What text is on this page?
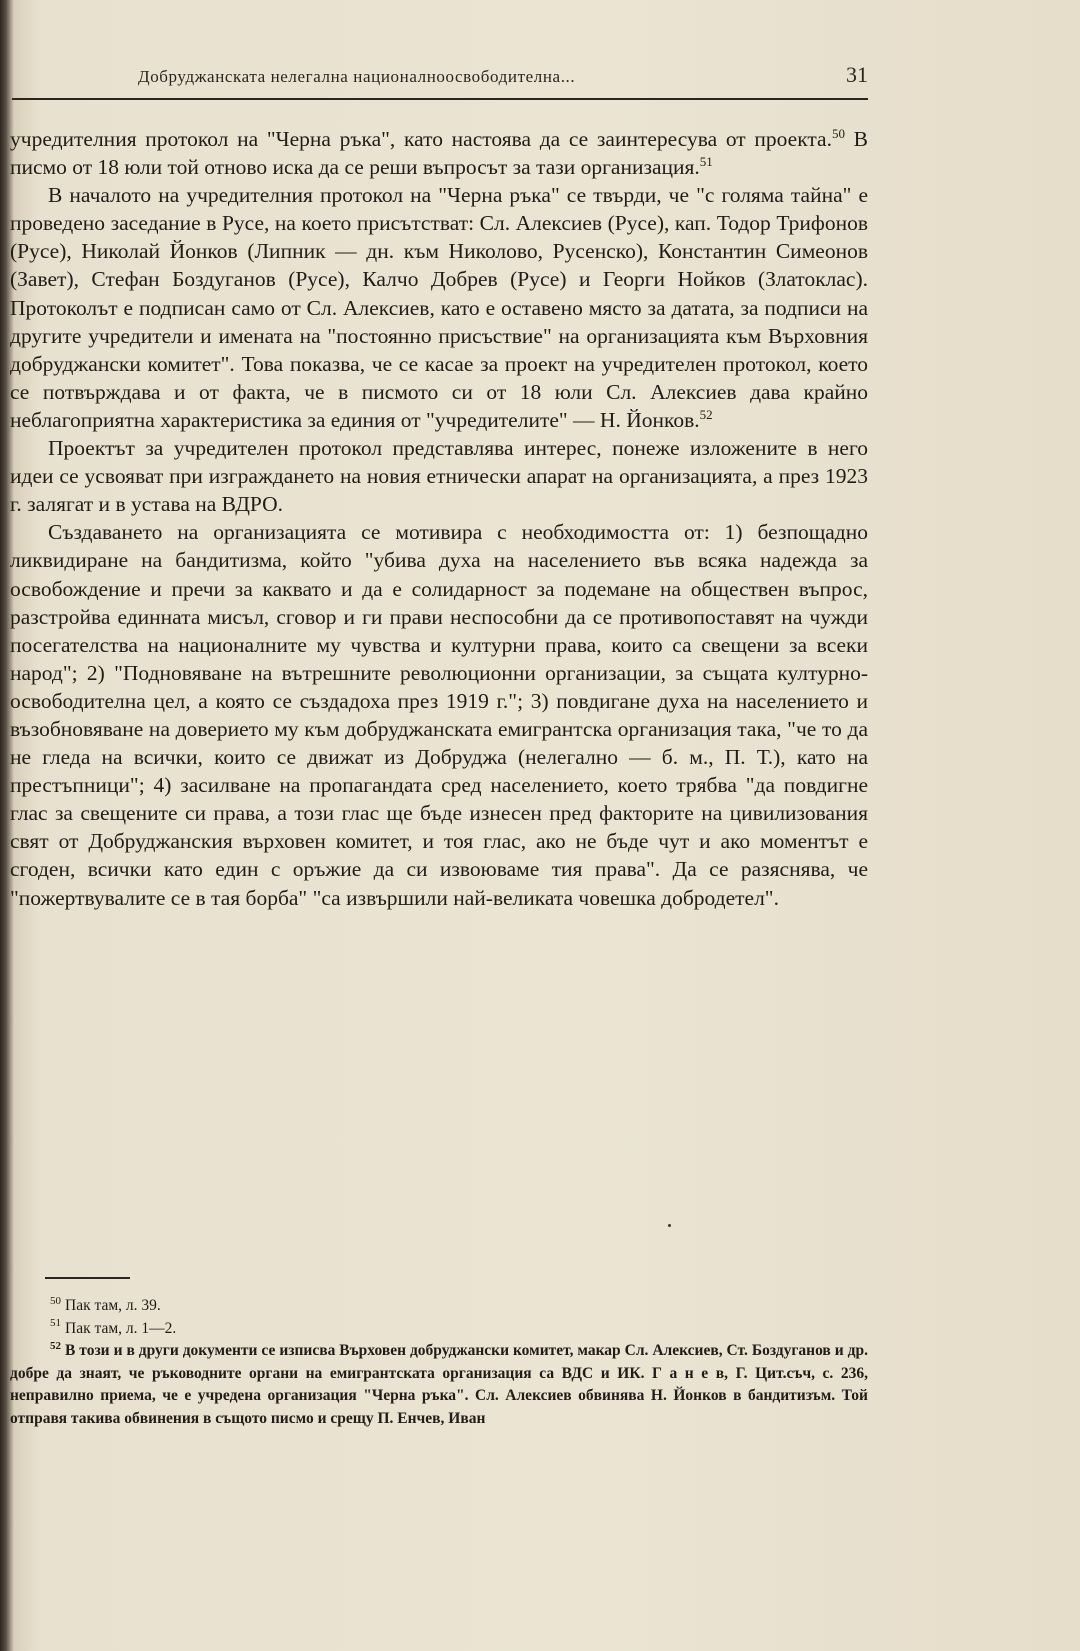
Добруджанската нелегална националноосвободителна...	31

учредителния протокол на "Черна ръка", като настоява да се заинтересува от проекта.$^{50}$ В писмо от 18 юли той отново иска да се реши въпросът за тази организация.$^{51}$

В началото на учредителния протокол на "Черна ръка" се твърди, че "с голяма тайна" е проведено заседание в Русе, на което присътстват: Сл. Алексиев (Русе), кап. Тодор Трифонов (Русе), Николай Йонков (Липник — дн. към Николово, Русенско), Константин Симеонов (Завет), Стефан Боздуганов (Русе), Калчо Добрев (Русе) и Георги Нойков (Златоклас). Протоколът е подписан само от Сл. Алексиев, като е оставено място за датата, за подписи на другите учредители и имената на "постоянно присъствие" на организацията към Върховния добруджански комитет". Това показва, че се касае за проект на учредителен протокол, което се потвърждава и от факта, че в писмото си от 18 юли Сл. Алексиев дава крайно неблагоприятна характеристика за единия от "учредителите" — Н. Йонков.$^{52}$

Проектът за учредителен протокол представлява интерес, понеже изложените в него идеи се усвояват при изграждането на новия етнически апарат на организацията, а през 1923 г. залягат и в устава на ВДРО.

Създаването на организацията се мотивира с необходимостта от: 1) безпощадно ликвидиране на бандитизма, който "убива духа на населението във всяка надежда за освобождение и пречи за каквато и да е солидарност за подемане на обществен въпрос, разстройва единната мисъл, сговор и ги прави неспособни да се противопоставят на чужди посегателства на националните му чувства и културни права, които са свещени за всеки народ"; 2) "Подновяване на вътрешните революционни организации, за същата културно-освободителна цел, а която се създадоха през 1919 г."; 3) повдигане духа на населението и възобновяване на доверието му към добруджанската емигрантска организация така, "че то да не гледа на всички, които се движат из Добруджа (нелегално — б. м., П. Т.), като на престъпници"; 4) засилване на пропагандата сред населението, което трябва "да повдигне глас за свещените си права, а този глас ще бъде изнесен пред факторите на цивилизования свят от Добруджанския върховен комитет, и тоя глас, ако не бъде чут и ако моментът е сгоден, всички като един с оръжие да си извоюваме тия права". Да се разяснява, че "пожертвувалите се в тая борба" "са извършили най-великата човешка добродетел".

$^{50}$ Пак там, л. 39.

$^{51}$ Пак там, л. 1—2.

$^{52}$ В този и в други документи се изписва Върховен добруджански комитет, макар Сл. Алексиев, Ст. Боздуганов и др. добре да знаят, че ръководните органи на емигрантската организация са ВДС и ИК. Г а н е в, Г. Цит.съч, с. 236, неправилно приема, че е учредена организация "Черна ръка". Сл. Алексиев обвинява Н. Йонков в бандитизъм. Той отправя такива обвинения в същото писмо и срещу П. Енчев, Иван
